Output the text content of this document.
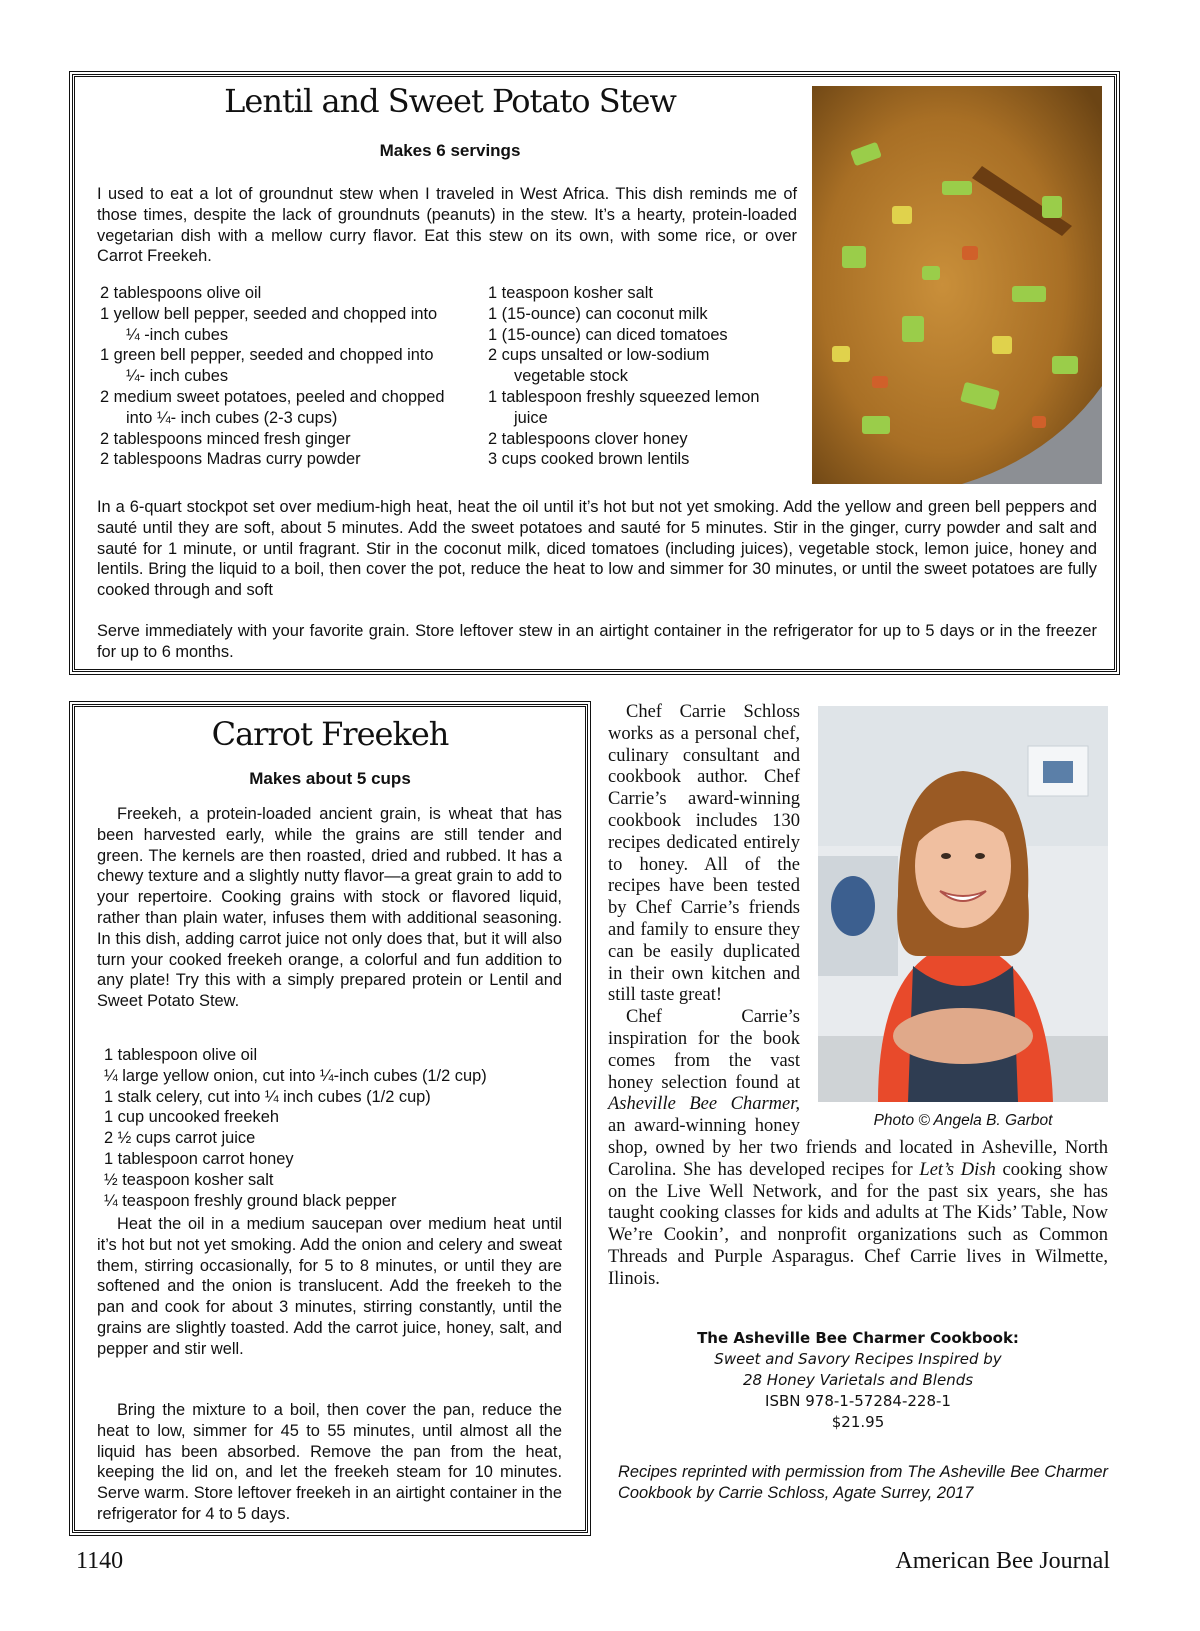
Lentil and Sweet Potato Stew
Makes 6 servings

I used to eat a lot of groundnut stew when I traveled in West Africa. This dish reminds me of those times, despite the lack of groundnuts (peanuts) in the stew. It’s a hearty, protein-loaded vegetarian dish with a mellow curry flavor. Eat this stew on its own, with some rice, or over Carrot Freekeh.

2 tablespoons olive oil
1 yellow bell pepper, seeded and chopped into ¼ -inch cubes
1 green bell pepper, seeded and chopped into ¼- inch cubes
2 medium sweet potatoes, peeled and chopped into ¼- inch cubes (2-3 cups)
2 tablespoons minced fresh ginger
2 tablespoons Madras curry powder
1 teaspoon kosher salt
1 (15-ounce) can coconut milk
1 (15-ounce) can diced tomatoes
2 cups unsalted or low-sodium vegetable stock
1 tablespoon freshly squeezed lemon juice
2 tablespoons clover honey
3 cups cooked brown lentils

In a 6-quart stockpot set over medium-high heat, heat the oil until it’s hot but not yet smoking. Add the yellow and green bell peppers and sauté until they are soft, about 5 minutes. Add the sweet potatoes and sauté for 5 minutes. Stir in the ginger, curry powder and salt and sauté for 1 minute, or until fragrant. Stir in the coconut milk, diced tomatoes (including juices), vegetable stock, lemon juice, honey and lentils. Bring the liquid to a boil, then cover the pot, reduce the heat to low and simmer for 30 minutes, or until the sweet potatoes are fully cooked through and soft

Serve immediately with your favorite grain. Store leftover stew in an airtight container in the refrigerator for up to 5 days or in the freezer for up to 6 months.

Carrot Freekeh
Makes about 5 cups

Freekeh, a protein-loaded ancient grain, is wheat that has been harvested early, while the grains are still tender and green. The kernels are then roasted, dried and rubbed. It has a chewy texture and a slightly nutty flavor—a great grain to add to your repertoire. Cooking grains with stock or flavored liquid, rather than plain water, infuses them with additional seasoning. In this dish, adding carrot juice not only does that, but it will also turn your cooked freekeh orange, a colorful and fun addition to any plate! Try this with a simply prepared protein or Lentil and Sweet Potato Stew.

1 tablespoon olive oil
¼ large yellow onion, cut into ¼-inch cubes (1/2 cup)
1 stalk celery, cut into ¼ inch cubes (1/2 cup)
1 cup uncooked freekeh
2 ½ cups carrot juice
1 tablespoon carrot honey
½ teaspoon kosher salt
¼ teaspoon freshly ground black pepper

Heat the oil in a medium saucepan over medium heat until it’s hot but not yet smoking. Add the onion and celery and sweat them, stirring occasionally, for 5 to 8 minutes, or until they are softened and the onion is translucent. Add the freekeh to the pan and cook for about 3 minutes, stirring constantly, until the grains are slightly toasted. Add the carrot juice, honey, salt, and pepper and stir well.

Bring the mixture to a boil, then cover the pan, reduce the heat to low, simmer for 45 to 55 minutes, until almost all the liquid has been absorbed. Remove the pan from the heat, keeping the lid on, and let the freekeh steam for 10 minutes. Serve warm. Store leftover freekeh in an airtight container in the refrigerator for 4 to 5 days.

Photo © Angela B. Garbot

Chef Carrie Schloss works as a personal chef, culinary consultant and cookbook author. Chef Carrie’s award-winning cookbook includes 130 recipes dedicated entirely to honey. All of the recipes have been tested by Chef Carrie’s friends and family to ensure they can be easily duplicated in their own kitchen and still taste great!

Chef Carrie’s inspiration for the book comes from the vast honey selection found at Asheville Bee Charmer, an award-winning honey shop, owned by her two friends and located in Asheville, North Carolina. She has developed recipes for Let’s Dish cooking show on the Live Well Network, and for the past six years, she has taught cooking classes for kids and adults at The Kids’ Table, Now We’re Cookin’, and nonprofit organizations such as Common Threads and Purple Asparagus. Chef Carrie lives in Wilmette, Ilinois.

The Asheville Bee Charmer Cookbook:
Sweet and Savory Recipes Inspired by
28 Honey Varietals and Blends
ISBN 978-1-57284-228-1
$21.95

Recipes reprinted with permission from The Asheville Bee Charmer Cookbook by Carrie Schloss, Agate Surrey, 2017

1140	American Bee Journal
